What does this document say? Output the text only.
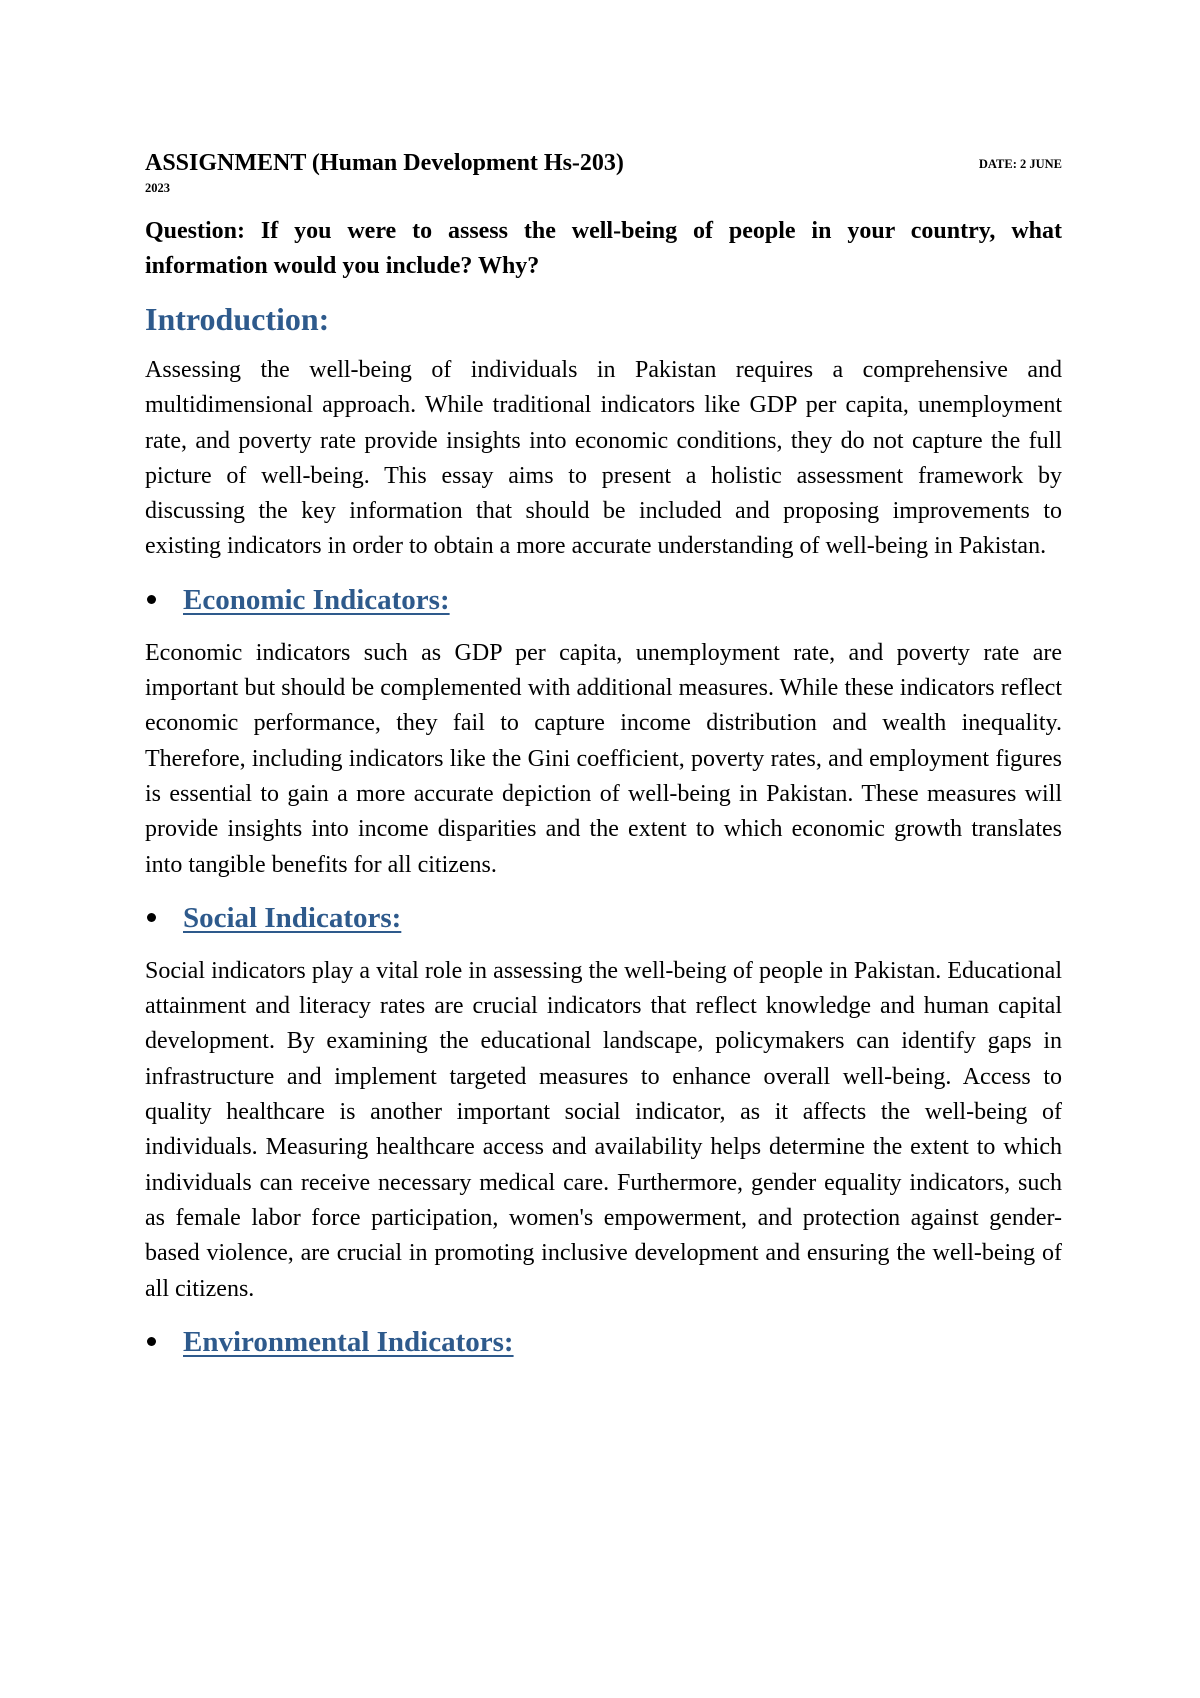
ASSIGNMENT (Human Development Hs-203)	DATE: 2 JUNE
2023
Question: If you were to assess the well-being of people in your country, what information would you include? Why?
Introduction:

Assessing the well-being of individuals in Pakistan requires a comprehensive and multidimensional approach. While traditional indicators like GDP per capita, unemployment rate, and poverty rate provide insights into economic conditions, they do not capture the full picture of well-being. This essay aims to present a holistic assessment framework by discussing the key information that should be included and proposing improvements to existing indicators in order to obtain a more accurate understanding of well-being in Pakistan.

Economic Indicators:

Economic indicators such as GDP per capita, unemployment rate, and poverty rate are important but should be complemented with additional measures. While these indicators reflect economic performance, they fail to capture income distribution and wealth inequality. Therefore, including indicators like the Gini coefficient, poverty rates, and employment figures is essential to gain a more accurate depiction of well-being in Pakistan. These measures will provide insights into income disparities and the extent to which economic growth translates into tangible benefits for all citizens.

Social Indicators:

Social indicators play a vital role in assessing the well-being of people in Pakistan. Educational attainment and literacy rates are crucial indicators that reflect knowledge and human capital development. By examining the educational landscape, policymakers can identify gaps in infrastructure and implement targeted measures to enhance overall well-being. Access to quality healthcare is another important social indicator, as it affects the well-being of individuals. Measuring healthcare access and availability helps determine the extent to which individuals can receive necessary medical care. Furthermore, gender equality indicators, such as female labor force participation, women's empowerment, and protection against gender-based violence, are crucial in promoting inclusive development and ensuring the well-being of all citizens.

Environmental Indicators:
